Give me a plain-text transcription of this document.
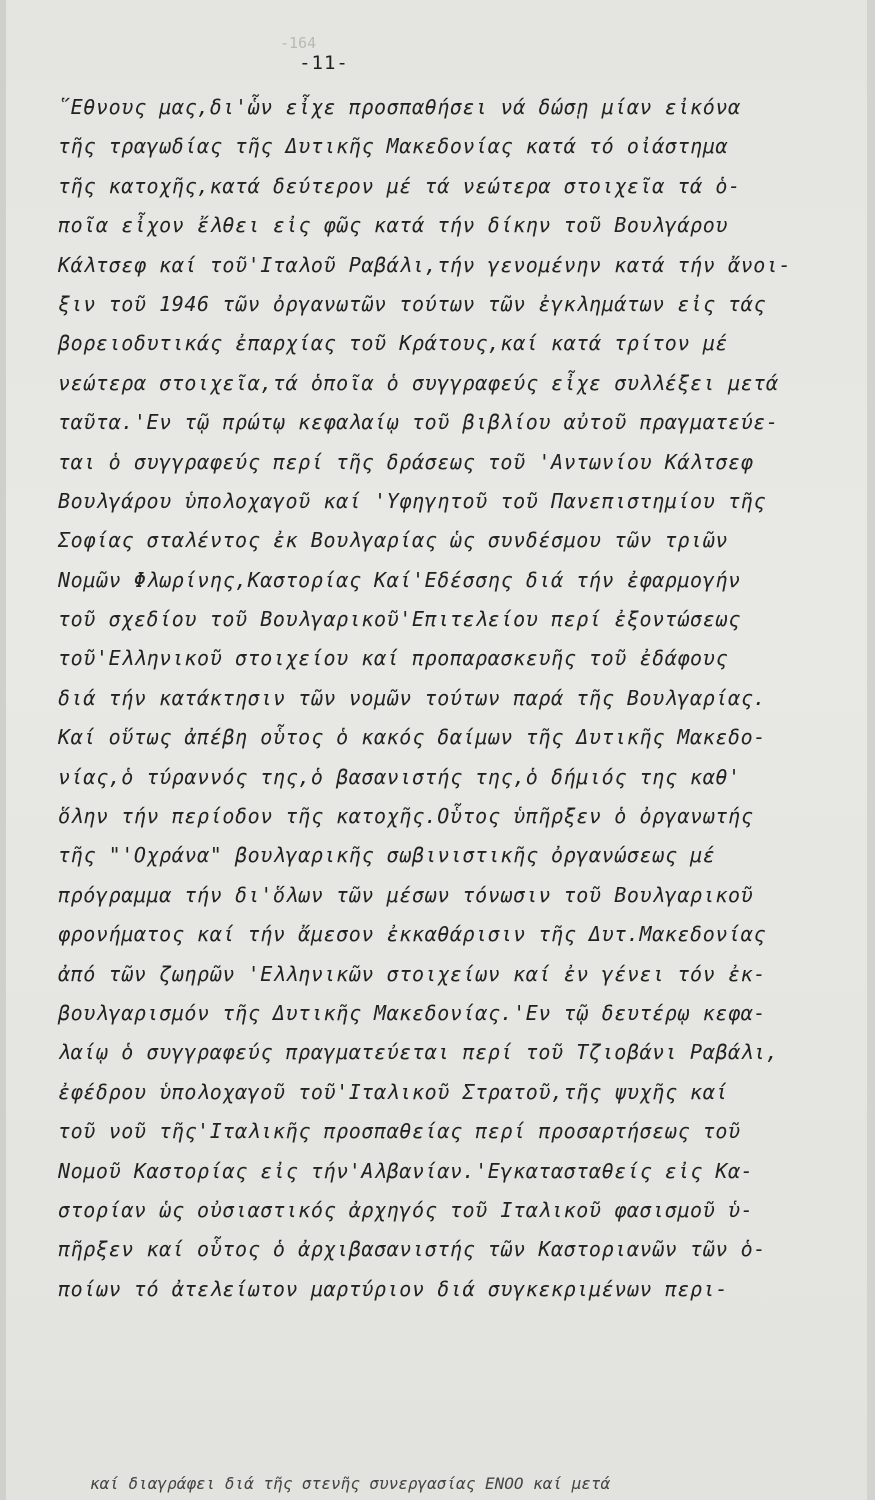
-164
-11-
῞Εθνους μας,δι'ὧν εἶχε προσπαθήσει νά δώσῃ μίαν εἰκόνα
τῆς τραγωδίας τῆς Δυτικῆς Μακεδονίας κατά τό οἰάστημα
τῆς κατοχῆς,κατά δεύτερον μέ τά νεώτερα στοιχεῖα τά ὁ-
ποῖα εἶχον ἔλθει εἰς φῶς κατά τήν δίκην τοῦ Βουλγάρου
Κάλτσεφ καί τοῦ'Ιταλοῦ Ραβάλι,τήν γενομένην κατά τήν ἄνοι-
ξιν τοῦ 1946 τῶν ὀργανωτῶν τούτων τῶν ἐγκλημάτων εἰς τάς
βορειοδυτικάς ἐπαρχίας τοῦ Κράτους,καί κατά τρίτον μέ
νεώτερα στοιχεῖα,τά ὁποῖα ὁ συγγραφεύς εἶχε συλλέξει μετά
ταῦτα.'Εν τῷ πρώτῳ κεφαλαίῳ τοῦ βιβλίου αὐτοῦ πραγματεύε-
ται ὁ συγγραφεύς περί τῆς δράσεως τοῦ 'Αντωνίου Κάλτσεφ
Βουλγάρου ὑπολοχαγοῦ καί 'Υφηγητοῦ τοῦ Πανεπιστημίου τῆς
Σοφίας σταλέντος ἐκ Βουλγαρίας ὡς συνδέσμου τῶν τριῶν
Νομῶν Φλωρίνης,Καστορίας Καί'Εδέσσης διά τήν ἐφαρμογήν
τοῦ σχεδίου τοῦ Βουλγαρικοῦ'Επιτελείου περί ἐξοντώσεως
τοῦ'Ελληνικοῦ στοιχείου καί προπαρασκευῆς τοῦ ἐδάφους
διά τήν κατάκτησιν τῶν νομῶν τούτων παρά τῆς Βουλγαρίας.
Καί οὕτως ἀπέβη οὗτος ὁ κακός δαίμων τῆς Δυτικῆς Μακεδο-
νίας,ὁ τύραννός της,ὁ βασανιστής της,ὁ δήμιός της καθ'
ὅλην τήν περίοδον τῆς κατοχῆς.Οὗτος ὑπῆρξεν ὁ ὀργανωτής
τῆς "'Οχράνα" βουλγαρικῆς σωβινιστικῆς ὀργανώσεως μέ
πρόγραμμα τήν δι'ὅλων τῶν μέσων τόνωσιν τοῦ Βουλγαρικοῦ
φρονήματος καί τήν ἄμεσον ἐκκαθάρισιν τῆς Δυτ.Μακεδονίας
ἀπό τῶν ζωηρῶν 'Ελληνικῶν στοιχείων καί ἐν γένει τόν ἐκ-
βουλγαρισμόν τῆς Δυτικῆς Μακεδονίας.'Εν τῷ δευτέρῳ κεφα-
λαίῳ ὁ συγγραφεύς πραγματεύεται περί τοῦ Τζιοβάνι Ραβάλι,
ἐφέδρου ὑπολοχαγοῦ τοῦ'Ιταλικοῦ Στρατοῦ,τῆς ψυχῆς καί
τοῦ νοῦ τῆς'Ιταλικῆς προσπαθείας περί προσαρτήσεως τοῦ
Νομοῦ Καστορίας εἰς τήν'Αλβανίαν.'Εγκατασταθείς εἰς Κα-
στορίαν ὡς οὐσιαστικός ἀρχηγός τοῦ Ιταλικοῦ φασισμοῦ ὑ-
πῆρξεν καί οὗτος ὁ ἀρχιβασανιστής τῶν Καστοριανῶν τῶν ὁ-
ποίων τό ἀτελείωτον μαρτύριον διά συγκεκριμένων περι-
καί διαγράφει διά τῆς στενῆς συνεργασίας ΕΝΟΟ καί μετά
